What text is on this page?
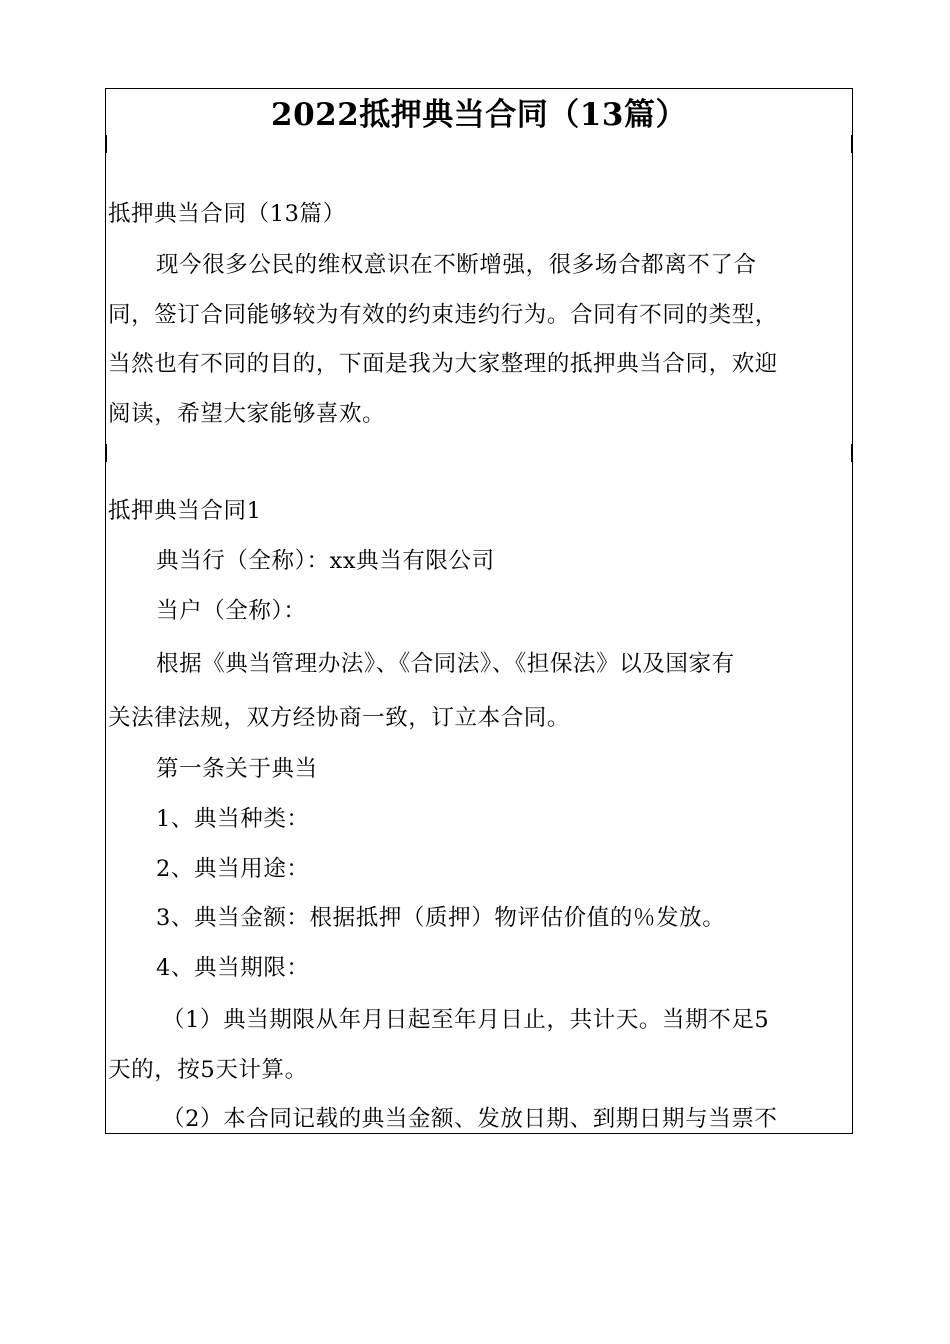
2022抵押典当合同（13篇）
抵押典当合同（13篇）
现今很多公民的维权意识在不断增强，很多场合都离不了合
同，签订合同能够较为有效的约束违约行为。合同有不同的类型，
当然也有不同的目的，下面是我为大家整理的抵押典当合同，欢迎
阅读，希望大家能够喜欢。
抵押典当合同1
典当行（全称）：xx典当有限公司
当户（全称）：
根据《典当管理办法》、《合同法》、《担保法》以及国家有
关法律法规，双方经协商一致，订立本合同。
第一条关于典当
1、典当种类：
2、典当用途：
3、典当金额：根据抵押（质押）物评估价值的％发放。
4、典当期限：
（1）典当期限从年月日起至年月日止，共计天。当期不足5
天的，按5天计算。
（2）本合同记载的典当金额、发放日期、到期日期与当票不
